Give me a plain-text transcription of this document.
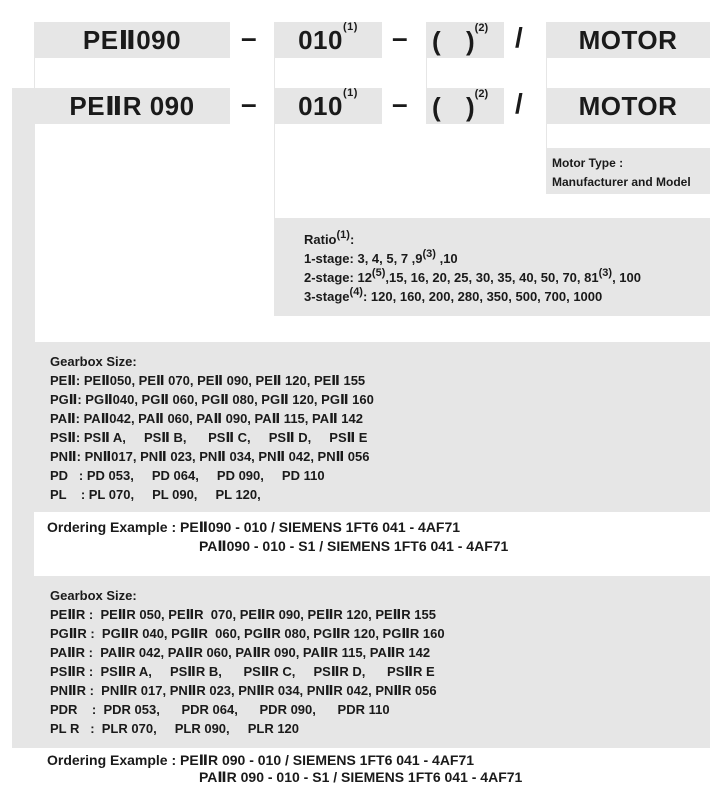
PEⅡ090 – 010$^{(1)}$ – ( )$^{(2)}$ / MOTOR
PEⅡR 090 – 010$^{(1)}$ – ( )$^{(2)}$ / MOTOR
Motor Type :
Manufacturer and Model
Ratio$^{(1)}$:
1-stage: 3, 4, 5, 7 ,9$^{(3)}$ ,10
2-stage: 12$^{(5)}$,15, 16, 20, 25, 30, 35, 40, 50, 70, 81$^{(3)}$, 100
3-stage$^{(4)}$: 120, 160, 200, 280, 350, 500, 700, 1000
Gearbox Size:
PEⅡ: PEⅡ050, PEⅡ 070, PEⅡ 090, PEⅡ 120, PEⅡ 155
PGⅡ: PGⅡ040, PGⅡ 060, PGⅡ 080, PGⅡ 120, PGⅡ 160
PAⅡ: PAⅡ042, PAⅡ 060, PAⅡ 090, PAⅡ 115, PAⅡ 142
PSⅡ: PSⅡ A,     PSⅡ B,      PSⅡ C,     PSⅡ D,     PSⅡ E
PNⅡ: PNⅡ017, PNⅡ 023, PNⅡ 034, PNⅡ 042, PNⅡ 056
PD   : PD 053,     PD 064,     PD 090,     PD 110
PL    : PL 070,     PL 090,     PL 120,
Ordering Example : PEⅡ090 - 010 / SIEMENS 1FT6 041 - 4AF71
PAⅡ090 - 010 - S1 / SIEMENS 1FT6 041 - 4AF71
Gearbox Size:
PEⅡR :  PEⅡR 050, PEⅡR  070, PEⅡR 090, PEⅡR 120, PEⅡR 155
PGⅡR :  PGⅡR 040, PGⅡR  060, PGⅡR 080, PGⅡR 120, PGⅡR 160
PAⅡR :  PAⅡR 042, PAⅡR 060, PAⅡR 090, PAⅡR 115, PAⅡR 142
PSⅡR :  PSⅡR A,     PSⅡR B,      PSⅡR C,     PSⅡR D,      PSⅡR E
PNⅡR :  PNⅡR 017, PNⅡR 023, PNⅡR 034, PNⅡR 042, PNⅡR 056
PDR    :  PDR 053,      PDR 064,      PDR 090,      PDR 110
PL R   :  PLR 070,     PLR 090,     PLR 120
Ordering Example : PEⅡR 090 - 010 / SIEMENS 1FT6 041 - 4AF71
PAⅡR 090 - 010 - S1 / SIEMENS 1FT6 041 - 4AF71
